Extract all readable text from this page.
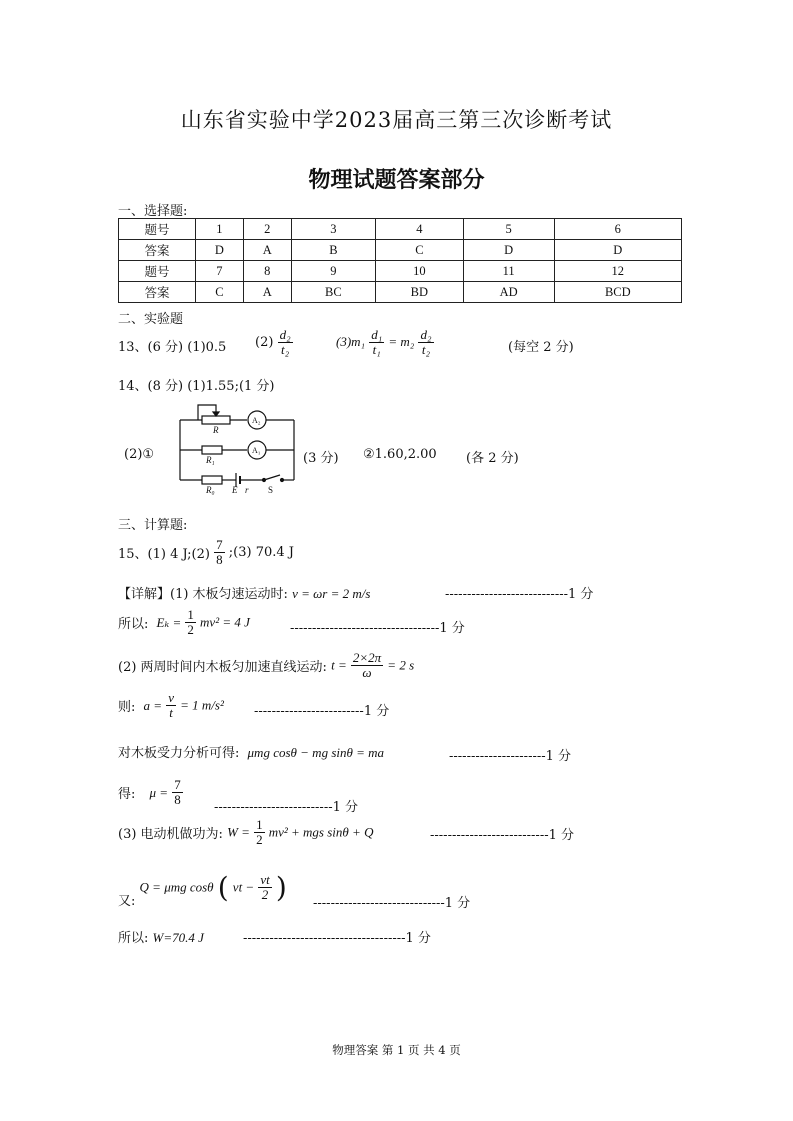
山东省实验中学2023届高三第三次诊断考试
物理试题答案部分
一、选择题:
题号	1	2	3	4	5	6
答案	D	A	B	C	D	D
题号	7	8	9	10	11	12
答案	C	A	BC	BD	AD	BCD
二、实验题
13、(6 分) (1)0.5 $(2) \frac{\text{d₂}}{\text{t₂}}$	$(3)m_1 \frac{\text{d₁}}{\text{t₁}} = m_2 \frac{\text{d₂}}{\text{t₂}}$	(每空 2 分)
14、(8 分) (1)1.55;(1 分)
(2)①
R
A₂
R₁
A₁
R₀ E r S
(3 分) ②1.60,2.00 (各 2 分)
三、计算题:
15、(1) 4 J;(2) $\frac{7}{8}$ ;(3) 70.4 J
【详解】(1) 木板匀速运动时: v = ωr = 2 m/s	----------------------------1 分
所以: $E_k = \frac{1}{2} mv^2 = 4$ J	----------------------------------1 分
(2) 两周时间内木板匀加速直线运动: $t = \frac{2\times 2\pi}{\omega} = 2$ s
则: $a = \frac{v}{t} = 1$ m/s² -------------------------1 分
对木板受力分析可得: μmg cosθ − mg sinθ = ma	----------------------1 分
得: $\mu = \frac{7}{8}$
---------------------------1 分
(3) 电动机做功为: $W = \frac{1}{2} mv^2$ + mgs sinθ + Q	---------------------------1 分
又: Q = μmg cosθ ( vt − $\frac{vt}{2}$ ) ------------------------------1 分
所以: W=70.4 J	-------------------------------------1 分
物理答案 第 1 页 共 4 页
